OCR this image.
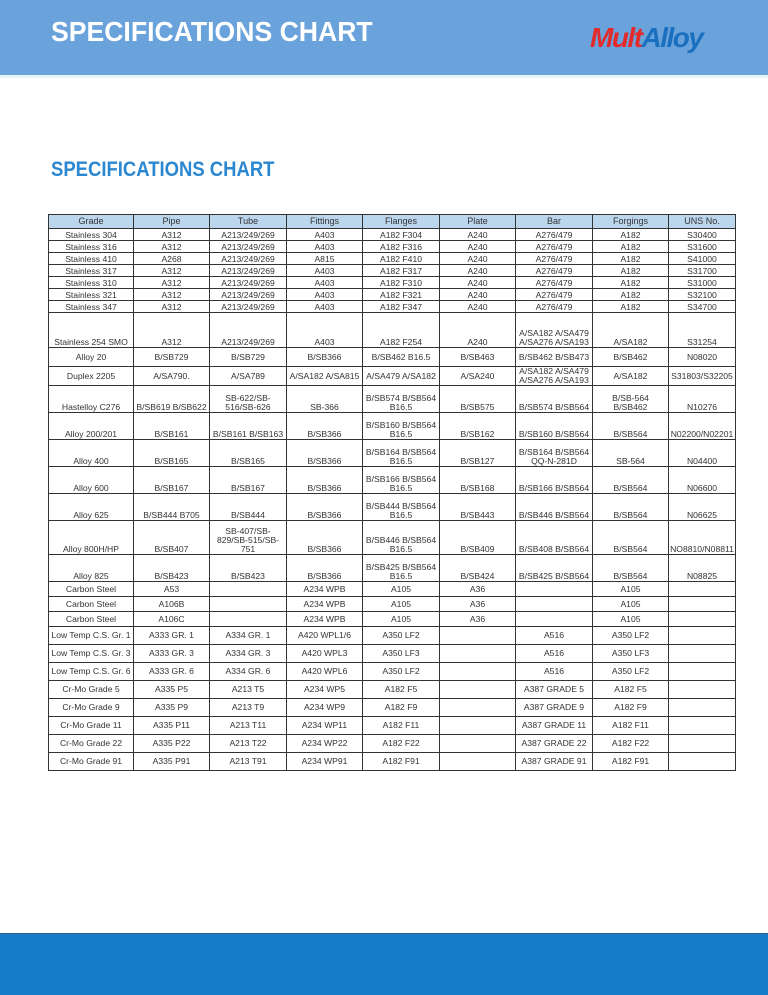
SPECIFICATIONS CHART	MultAlloy
SPECIFICATIONS CHART
Grade	Pipe	Tube	Fittings	Flanges	Plate	Bar	Forgings	UNS No.
Stainless 304	A312	A213/249/269	A403	A182 F304	A240	A276/479	A182	S30400
Stainless 316	A312	A213/249/269	A403	A182 F316	A240	A276/479	A182	S31600
Stainless 410	A268	A213/249/269	A815	A182 F410	A240	A276/479	A182	S41000
Stainless 317	A312	A213/249/269	A403	A182 F317	A240	A276/479	A182	S31700
Stainless 310	A312	A213/249/269	A403	A182 F310	A240	A276/479	A182	S31000
Stainless 321	A312	A213/249/269	A403	A182 F321	A240	A276/479	A182	S32100
Stainless 347	A312	A213/249/269	A403	A182 F347	A240	A276/479	A182	S34700
Stainless 254 SMO	A312	A213/249/269	A403	A182 F254	A240	A/SA182 A/SA479 A/SA276 A/SA193	A/SA182	S31254
Alloy 20	B/SB729	B/SB729	B/SB366	B/SB462 B16.5	B/SB463	B/SB462 B/SB473	B/SB462	N08020
Duplex 2205	A/SA790.	A/SA789	A/SA182 A/SA815	A/SA479 A/SA182	A/SA240	A/SA182 A/SA479 A/SA276 A/SA193	A/SA182	S31803/S32205
Hastelloy C276	B/SB619 B/SB622	SB-622/SB-516/SB-626	SB-366	B/SB574 B/SB564 B16.5	B/SB575	B/SB574 B/SB564	B/SB-564 B/SB462	N10276
Alloy 200/201	B/SB161	B/SB161 B/SB163	B/SB366	B/SB160 B/SB564 B16.5	B/SB162	B/SB160 B/SB564	B/SB564	N02200/N02201
Alloy 400	B/SB165	B/SB165	B/SB366	B/SB164 B/SB564 B16.5	B/SB127	B/SB164 B/SB564 QQ-N-281D	SB-564	N04400
Alloy 600	B/SB167	B/SB167	B/SB366	B/SB166 B/SB564 B16.5	B/SB168	B/SB166 B/SB564	B/SB564	N06600
Alloy 625	B/SB444 B705	B/SB444	B/SB366	B/SB444 B/SB564 B16.5	B/SB443	B/SB446 B/SB564	B/SB564	N06625
Alloy 800H/HP	B/SB407	SB-407/SB-829/SB-515/SB-751	B/SB366	B/SB446 B/SB564 B16.5	B/SB409	B/SB408 B/SB564	B/SB564	NO8810/N08811
Alloy 825	B/SB423	B/SB423	B/SB366	B/SB425 B/SB564 B16.5	B/SB424	B/SB425 B/SB564	B/SB564	N08825
Carbon Steel	A53		A234 WPB	A105	A36		A105	
Carbon Steel	A106B		A234 WPB	A105	A36		A105	
Carbon Steel	A106C		A234 WPB	A105	A36		A105	
Low Temp C.S. Gr. 1	A333 GR. 1	A334 GR. 1	A420 WPL1/6	A350 LF2		A516	A350 LF2	
Low Temp C.S. Gr. 3	A333 GR. 3	A334 GR. 3	A420 WPL3	A350 LF3		A516	A350 LF3	
Low Temp C.S. Gr. 6	A333 GR. 6	A334 GR. 6	A420 WPL6	A350 LF2		A516	A350 LF2	
Cr-Mo Grade 5	A335 P5	A213 T5	A234 WP5	A182 F5		A387 GRADE 5	A182 F5	
Cr-Mo Grade 9	A335 P9	A213 T9	A234 WP9	A182 F9		A387 GRADE 9	A182 F9	
Cr-Mo Grade 11	A335 P11	A213 T11	A234 WP11	A182 F11		A387 GRADE 11	A182 F11	
Cr-Mo Grade 22	A335 P22	A213 T22	A234 WP22	A182 F22		A387 GRADE 22	A182 F22	
Cr-Mo Grade 91	A335 P91	A213 T91	A234 WP91	A182 F91		A387 GRADE 91	A182 F91	
